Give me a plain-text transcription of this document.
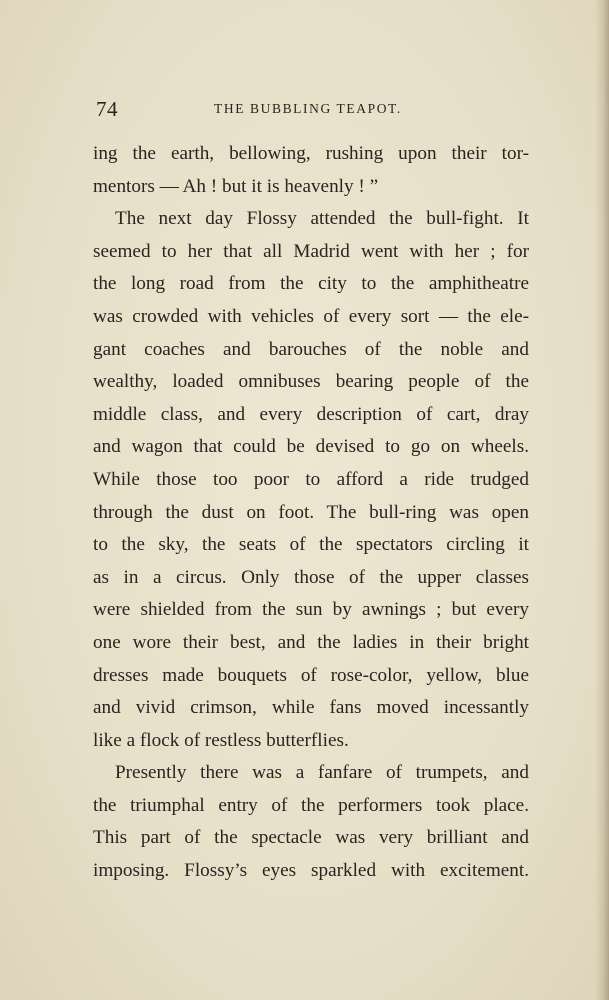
74	THE BUBBLING TEAPOT.
ing the earth, bellowing, rushing upon their tor-
mentors — Ah ! but it is heavenly ! ”
The next day Flossy attended the bull-fight. It
seemed to her that all Madrid went with her ; for
the long road from the city to the amphitheatre
was crowded with vehicles of every sort — the ele-
gant coaches and barouches of the noble and
wealthy, loaded omnibuses bearing people of the
middle class, and every description of cart, dray
and wagon that could be devised to go on wheels.
While those too poor to afford a ride trudged
through the dust on foot. The bull-ring was open
to the sky, the seats of the spectators circling it
as in a circus. Only those of the upper classes
were shielded from the sun by awnings ; but every
one wore their best, and the ladies in their bright
dresses made bouquets of rose-color, yellow, blue
and vivid crimson, while fans moved incessantly
like a flock of restless butterflies.
Presently there was a fanfare of trumpets, and
the triumphal entry of the performers took place.
This part of the spectacle was very brilliant and
imposing. Flossy’s eyes sparkled with excitement.
